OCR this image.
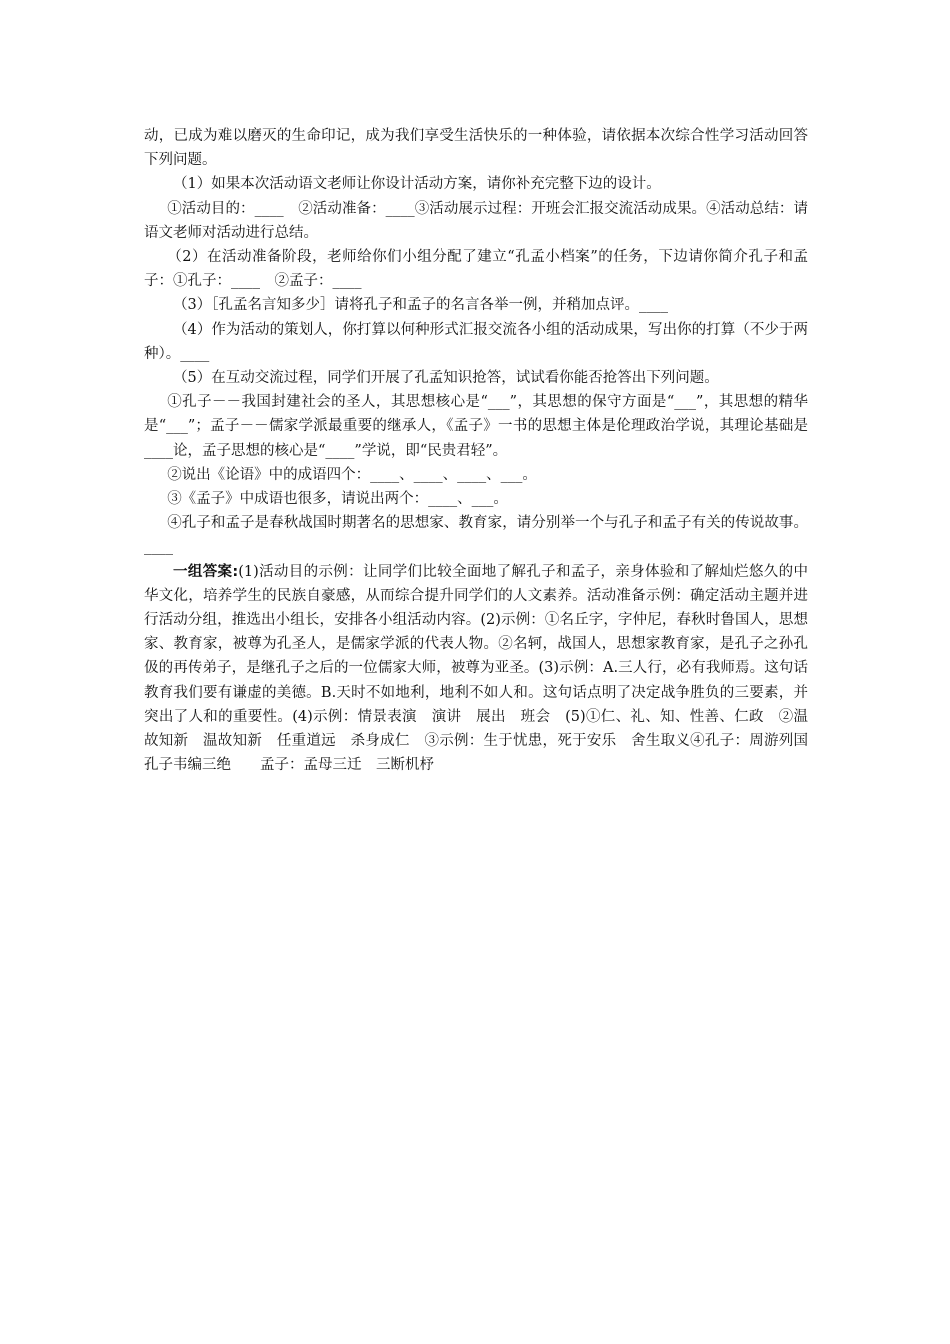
动，已成为难以磨灭的生命印记，成为我们享受生活快乐的一种体验，请依据本次综合性学习活动回答下列问题。

（1）如果本次活动语文老师让你设计活动方案，请你补充完整下边的设计。

①活动目的：____　②活动准备：____③活动展示过程：开班会汇报交流活动成果。④活动总结：请语文老师对活动进行总结。

（2）在活动准备阶段，老师给你们小组分配了建立“孔孟小档案”的任务，下边请你简介孔子和孟子：①孔子：____　②孟子：____

（3）［孔孟名言知多少］请将孔子和孟子的名言各举一例，并稍加点评。____

（4）作为活动的策划人，你打算以何种形式汇报交流各小组的活动成果，写出你的打算（不少于两种）。____

（5）在互动交流过程，同学们开展了孔孟知识抢答，试试看你能否抢答出下列问题。

①孔子－－我国封建社会的圣人，其思想核心是“___”，其思想的保守方面是“___”，其思想的精华是“___”；孟子－－儒家学派最重要的继承人，《孟子》一书的思想主体是伦理政治学说，其理论基础是____论，孟子思想的核心是“____”学说，即“民贵君轻”。

②说出《论语》中的成语四个：____、____、____、___。

③《孟子》中成语也很多，请说出两个：____、___。

④孔子和孟子是春秋战国时期著名的思想家、教育家，请分别举一个与孔子和孟子有关的传说故事。____

一组答案:(1)活动目的示例：让同学们比较全面地了解孔子和孟子，亲身体验和了解灿烂悠久的中华文化，培养学生的民族自豪感，从而综合提升同学们的人文素养。活动准备示例：确定活动主题并进行活动分组，推选出小组长，安排各小组活动内容。(2)示例：①名丘字，字仲尼，春秋时鲁国人，思想家、教育家，被尊为孔圣人，是儒家学派的代表人物。②名轲，战国人，思想家教育家，是孔子之孙孔伋的再传弟子，是继孔子之后的一位儒家大师，被尊为亚圣。(3)示例：A.三人行，必有我师焉。这句话教育我们要有谦虚的美德。B.天时不如地利，地利不如人和。这句话点明了决定战争胜负的三要素，并突出了人和的重要性。(4)示例：情景表演　演讲　展出　班会　(5)①仁、礼、知、性善、仁政　②温故知新　温故知新　任重道远　杀身成仁　③示例：生于忧患，死于安乐　舍生取义④孔子：周游列国　孔子韦编三绝　　孟子：孟母三迁　三断机杼
